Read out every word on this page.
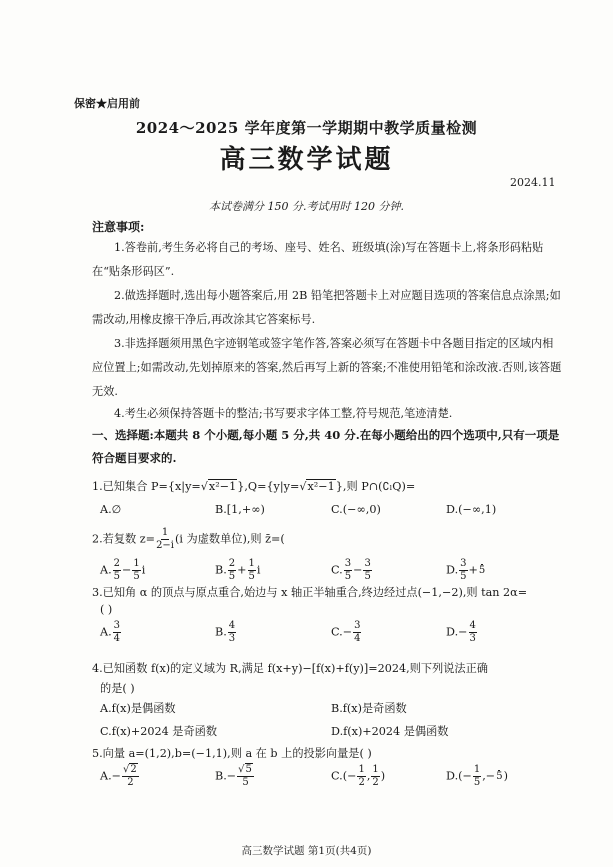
保密★启用前
2024～2025 学年度第一学期期中教学质量检测
高三数学试题
2024.11
本试卷满分 150 分.考试用时 120 分钟.
注意事项:
1.答卷前,考生务必将自己的考场、座号、姓名、班级填(涂)写在答题卡上,将条形码粘贴在“贴条形码区”.
2.做选择题时,选出每小题答案后,用 2B 铅笔把答题卡上对应题目选项的答案信息点涂黑;如需改动,用橡皮擦干净后,再改涂其它答案标号.
3.非选择题须用黑色字迹钢笔或签字笔作答,答案必须写在答题卡中各题目指定的区域内相应位置上;如需改动,先划掉原来的答案,然后再写上新的答案;不准使用铅笔和涂改液.否则,该答题无效.
4.考生必须保持答题卡的整洁;书写要求字体工整,符号规范,笔迹清楚.
一、选择题:本题共 8 个小题,每小题 5 分,共 40 分.在每小题给出的四个选项中,只有一项是符合题目要求的.
1.已知集合 P={x|y=√x²−1},Q={y|y=√x²−1},则 P∩(∁ₗQ)=
A.∅	B.[1,+∞)	C.(−∞,0)	D.(−∞,1)
2.若复数 $z= \frac{1}{2-i} (i$ 为虚数单位),则 z̄=(
A. $\frac{2}{5} - \frac{1}{5}$ i	B. $\frac{2}{5} + \frac{1}{5}$ i	C. $\frac{3}{5} - \frac{3}{5}$	D. $\frac{3}{5} + 5$
3.已知角 α 的顶点与原点重合,始边与 x 轴正半轴重合,终边经过点(−1,−2),则 tan 2α=
( )
A. $\frac{3}{4}$	B. $\frac{4}{3}$	$C.- \frac{3}{4}$	$D.- \frac{4}{3}$
4.已知函数 f(x)的定义域为 R,满足 f(x+y)−[f(x)+f(y)]=2024,则下列说法正确
的是( )
A.f(x)是偶函数	B.f(x)是奇函数
C.f(x)+2024 是奇函数	D.f(x)+2024 是偶函数
5.向量 a=(1,2),b=(−1,1),则 a 在 b 上的投影向量是( )
$A.- \frac{√2}{2}$	$B.- \frac{√5}{5}$	$C.(- \frac{1}{2}$ , $\frac{1}{2}$ )	$D.(- \frac{1}{5}$ ,− 5 )
高三数学试题 第1页(共4页)
